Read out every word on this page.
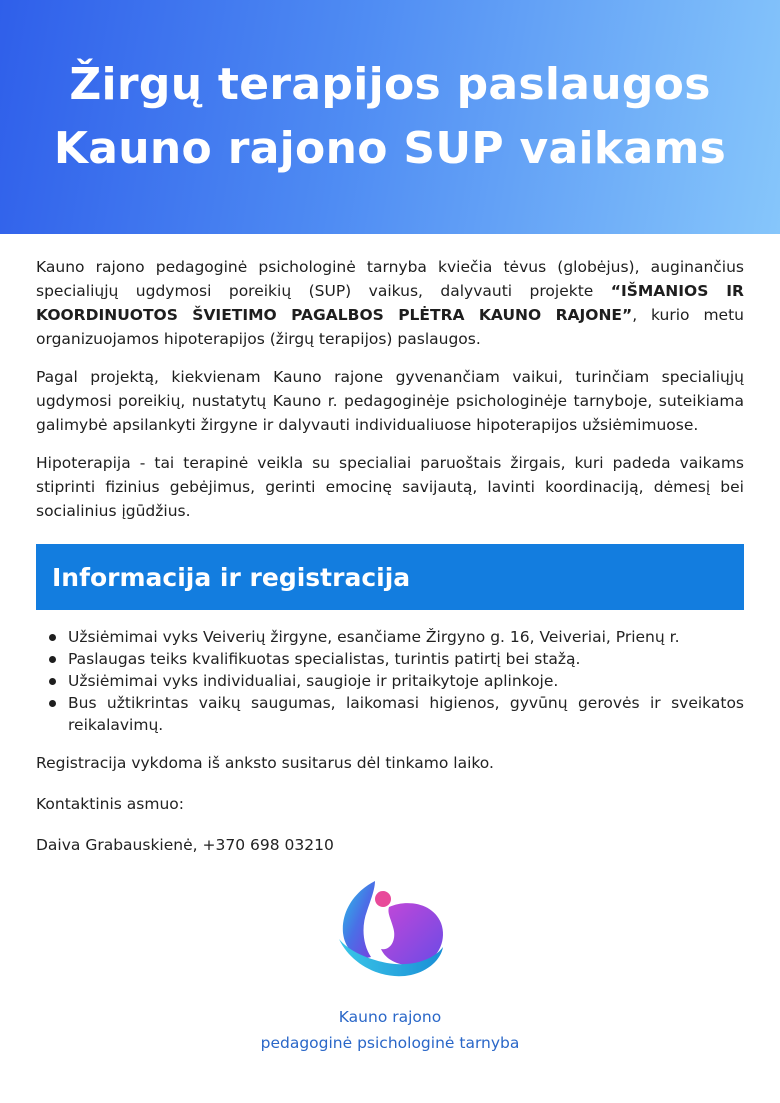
Žirgų terapijos paslaugos
Kauno rajono SUP vaikams

Kauno rajono pedagoginė psichologinė tarnyba kviečia tėvus (globėjus), auginančius specialiųjų ugdymosi poreikių (SUP) vaikus, dalyvauti projekte “IŠMANIOS IR KOORDINUOTOS ŠVIETIMO PAGALBOS PLĖTRA KAUNO RAJONE”, kurio metu organizuojamos hipoterapijos (žirgų terapijos) paslaugos.

Pagal projektą, kiekvienam Kauno rajone gyvenančiam vaikui, turinčiam specialiųjų ugdymosi poreikių, nustatytų Kauno r. pedagoginėje psichologinėje tarnyboje, suteikiama galimybė apsilankyti žirgyne ir dalyvauti individualiuose hipoterapijos užsiėmimuose.

Hipoterapija - tai terapinė veikla su specialiai paruoštais žirgais, kuri padeda vaikams stiprinti fizinius gebėjimus, gerinti emocinę savijautą, lavinti koordinaciją, dėmesį bei socialinius įgūdžius.

Informacija ir registracija
Užsiėmimai vyks Veiverių žirgyne, esančiame Žirgyno g. 16, Veiveriai, Prienų r.
Paslaugas teiks kvalifikuotas specialistas, turintis patirtį bei stažą.
Užsiėmimai vyks individualiai, saugioje ir pritaikytoje aplinkoje.
Bus užtikrintas vaikų saugumas, laikomasi higienos, gyvūnų gerovės ir sveikatos reikalavimų.

Registracija vykdoma iš anksto susitarus dėl tinkamo laiko.

Kontaktinis asmuo:

Daiva Grabauskienė, +370 698 03210

Kauno rajono
pedagoginė psichologinė tarnyba
